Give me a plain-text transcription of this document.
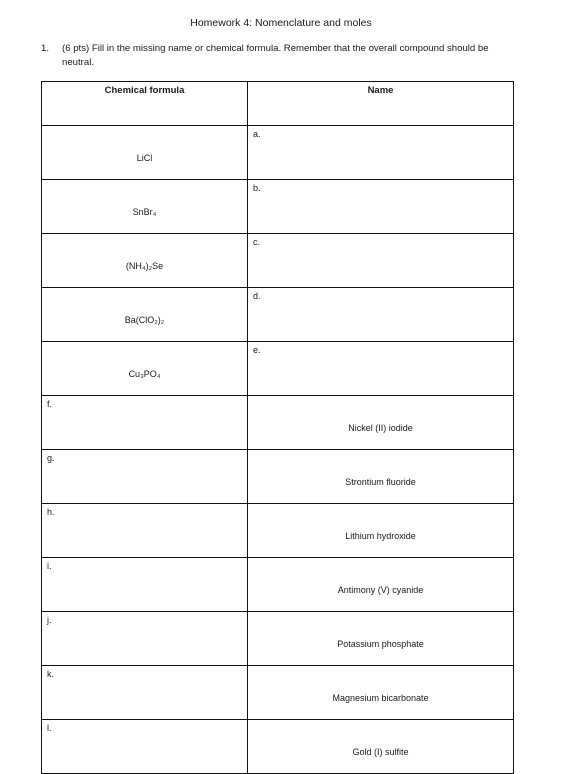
Homework 4: Nomenclature and moles
1. (6 pts) Fill in the missing name or chemical formula. Remember that the overall compound should be neutral.
Chemical formula	Name

LiCl	a.

SnBr₄	b.

(NH₄)₂Se	c.

Ba(ClO₂)₂	d.

Cu₃PO₄	e.

f.	Nickel (II) iodide

g.	Strontium fluoride

h.	Lithium hydroxide

i.	Antimony (V) cyanide

j.	Potassium phosphate

k.	Magnesium bicarbonate

l.	Gold (I) sulfite
